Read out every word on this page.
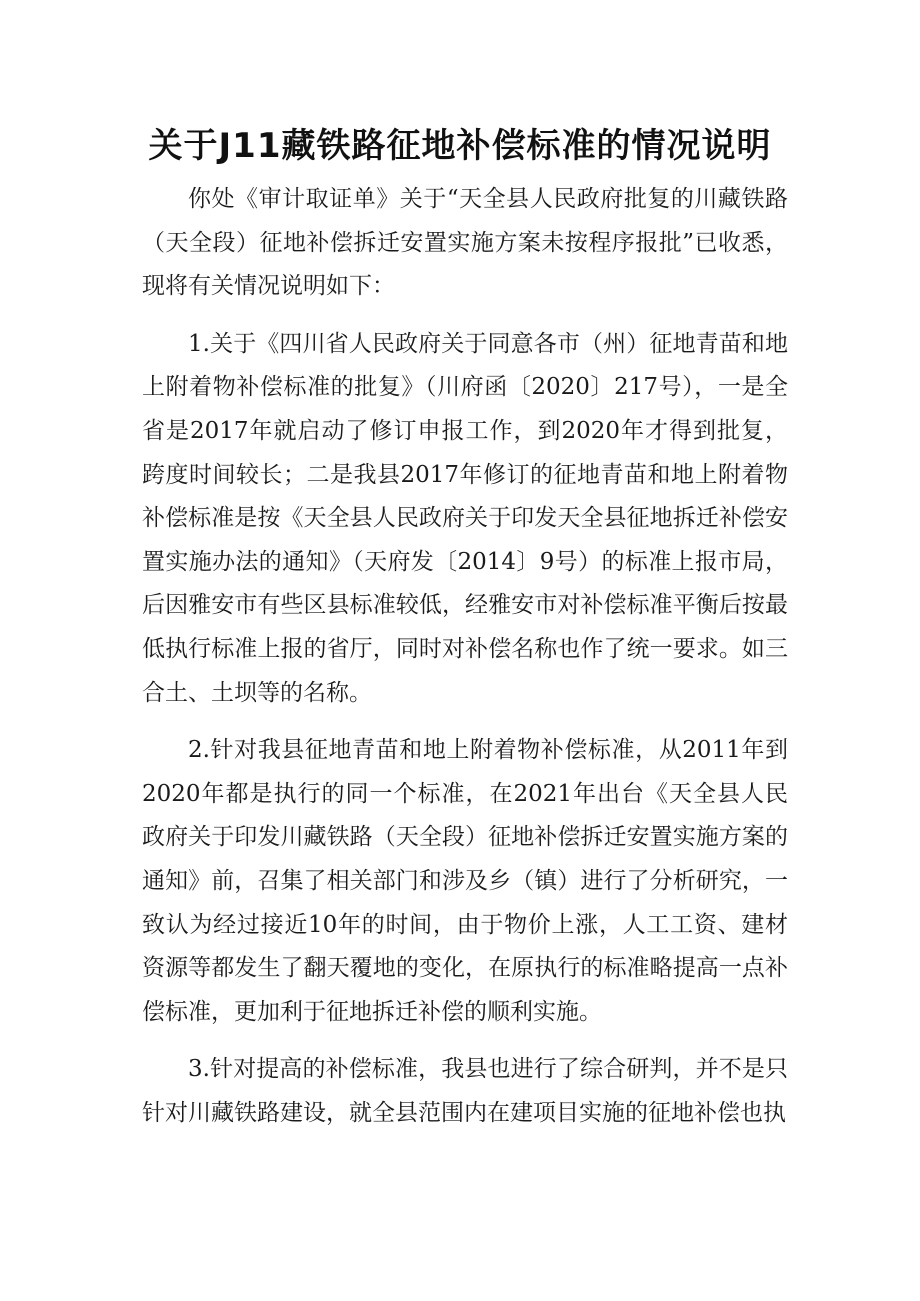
关于J11藏铁路征地补偿标准的情况说明

你处《审计取证单》关于“天全县人民政府批复的川藏铁路（天全段）征地补偿拆迁安置实施方案未按程序报批”已收悉，现将有关情况说明如下：

1.关于《四川省人民政府关于同意各市（州）征地青苗和地上附着物补偿标准的批复》（川府函〔2020〕217号），一是全省是2017年就启动了修订申报工作，到2020年才得到批复，跨度时间较长；二是我县2017年修订的征地青苗和地上附着物补偿标准是按《天全县人民政府关于印发天全县征地拆迁补偿安置实施办法的通知》（天府发〔2014〕9号）的标准上报市局，后因雅安市有些区县标准较低，经雅安市对补偿标准平衡后按最低执行标准上报的省厅，同时对补偿名称也作了统一要求。如三合土、土坝等的名称。

2.针对我县征地青苗和地上附着物补偿标准，从2011年到2020年都是执行的同一个标准，在2021年出台《天全县人民政府关于印发川藏铁路（天全段）征地补偿拆迁安置实施方案的通知》前，召集了相关部门和涉及乡（镇）进行了分析研究，一致认为经过接近10年的时间，由于物价上涨，人工工资、建材资源等都发生了翻天覆地的变化，在原执行的标准略提高一点补偿标准，更加利于征地拆迁补偿的顺利实施。

3.针对提高的补偿标准，我县也进行了综合研判，并不是只针对川藏铁路建设，就全县范围内在建项目实施的征地补偿也执
